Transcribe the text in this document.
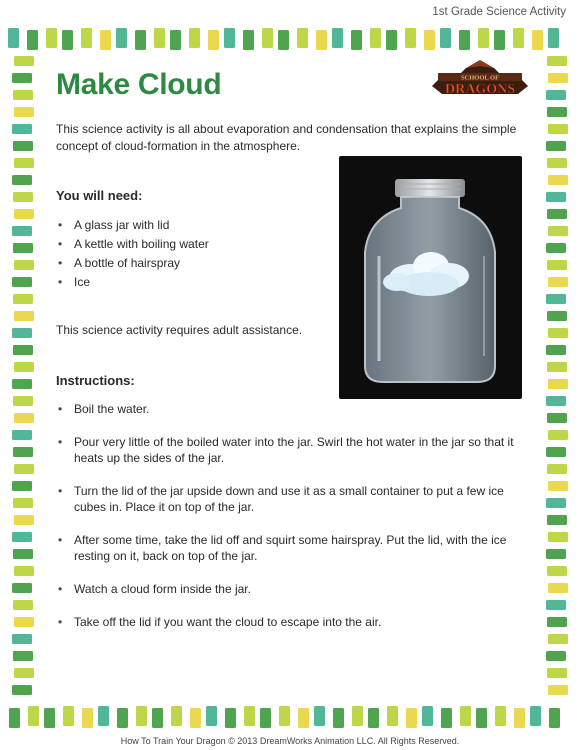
1st Grade Science Activity
Make Cloud	SCHOOL OF
DRAGONS

This science activity is all about evaporation and condensation that explains the simple concept of cloud-formation in the atmosphere.

You will need:
• A glass jar with lid
• A kettle with boiling water
• A bottle of hairspray
• Ice

This science activity requires adult assistance.

Instructions:
• Boil the water.
• Pour very little of the boiled water into the jar. Swirl the hot water in the jar so that it heats up the sides of the jar.
• Turn the lid of the jar upside down and use it as a small container to put a few ice cubes in. Place it on top of the jar.
• After some time, take the lid off and squirt some hairspray. Put the lid, with the ice resting on it, back on top of the jar.
• Watch a cloud form inside the jar.
• Take off the lid if you want the cloud to escape into the air.
How To Train Your Dragon © 2013 DreamWorks Animation LLC. All Rights Reserved.
